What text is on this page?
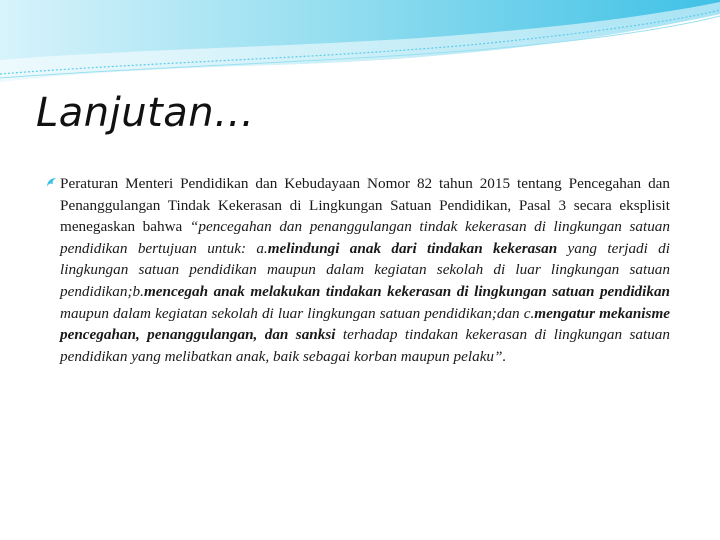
Lanjutan…

Peraturan Menteri Pendidikan dan Kebudayaan Nomor 82 tahun 2015 tentang Pencegahan dan Penanggulangan Tindak Kekerasan di Lingkungan Satuan Pendidikan, Pasal 3 secara eksplisit menegaskan bahwa “pencegahan dan penanggulangan tindak kekerasan di lingkungan satuan pendidikan bertujuan untuk: a.melindungi anak dari tindakan kekerasan yang terjadi di lingkungan satuan pendidikan maupun dalam kegiatan sekolah di luar lingkungan satuan pendidikan;b.mencegah anak melakukan tindakan kekerasan di lingkungan satuan pendidikan maupun dalam kegiatan sekolah di luar lingkungan satuan pendidikan;dan c.mengatur mekanisme pencegahan, penanggulangan, dan sanksi terhadap tindakan kekerasan di lingkungan satuan pendidikan yang melibatkan anak, baik sebagai korban maupun pelaku”.
